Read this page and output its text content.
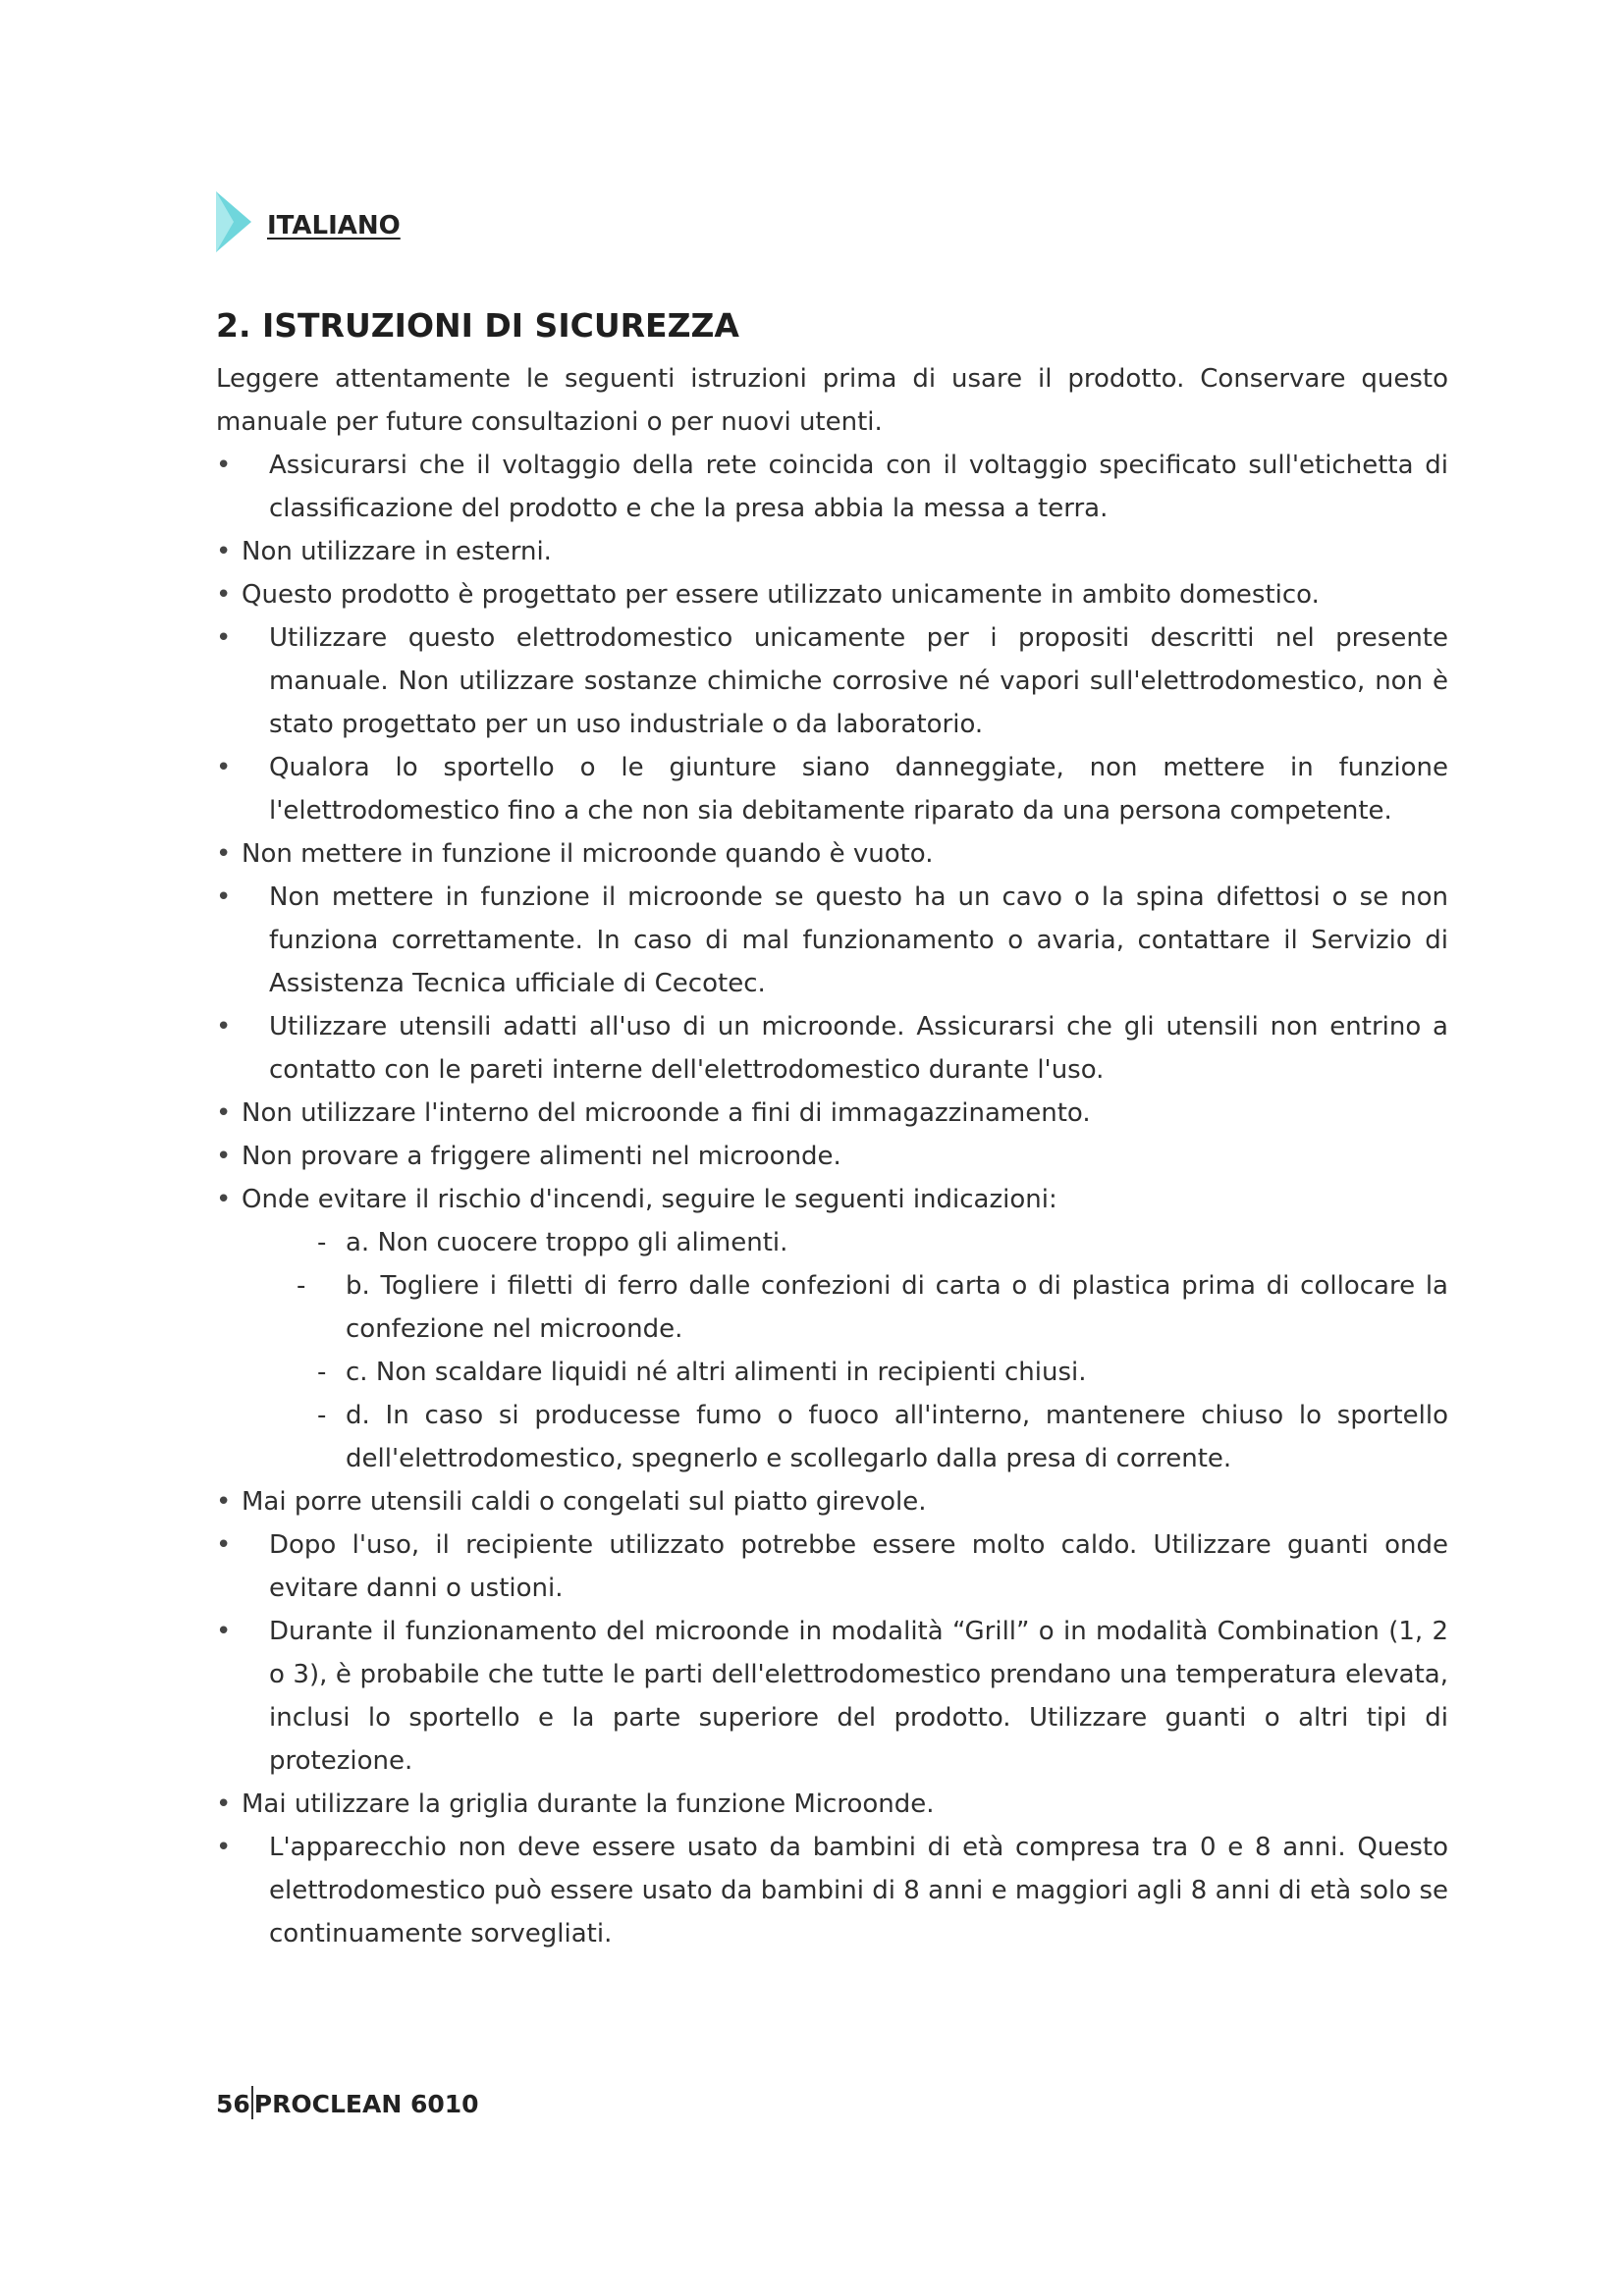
ITALIANO
2. ISTRUZIONI DI SICUREZZA

Leggere attentamente le seguenti istruzioni prima di usare il prodotto. Conservare questo manuale per future consultazioni o per nuovi utenti.

• Assicurarsi che il voltaggio della rete coincida con il voltaggio specificato sull'etichetta di classificazione del prodotto e che la presa abbia la messa a terra.
• Non utilizzare in esterni.
• Questo prodotto è progettato per essere utilizzato unicamente in ambito domestico.
• Utilizzare questo elettrodomestico unicamente per i propositi descritti nel presente manuale. Non utilizzare sostanze chimiche corrosive né vapori sull'elettrodomestico, non è stato progettato per un uso industriale o da laboratorio.
• Qualora lo sportello o le giunture siano danneggiate, non mettere in funzione l'elettrodomestico fino a che non sia debitamente riparato da una persona competente.
• Non mettere in funzione il microonde quando è vuoto.
• Non mettere in funzione il microonde se questo ha un cavo o la spina difettosi o se non funziona correttamente. In caso di mal funzionamento o avaria, contattare il Servizio di Assistenza Tecnica ufficiale di Cecotec.
• Utilizzare utensili adatti all'uso di un microonde. Assicurarsi che gli utensili non entrino a contatto con le pareti interne dell'elettrodomestico durante l'uso.
• Non utilizzare l'interno del microonde a fini di immagazzinamento.
• Non provare a friggere alimenti nel microonde.
• Onde evitare il rischio d'incendi, seguire le seguenti indicazioni:
- a. Non cuocere troppo gli alimenti.
- b. Togliere i filetti di ferro dalle confezioni di carta o di plastica prima di collocare la confezione nel microonde.
- c. Non scaldare liquidi né altri alimenti in recipienti chiusi.
- d. In caso si producesse fumo o fuoco all'interno, mantenere chiuso lo sportello dell'elettrodomestico, spegnerlo e scollegarlo dalla presa di corrente.
• Mai porre utensili caldi o congelati sul piatto girevole.
• Dopo l'uso, il recipiente utilizzato potrebbe essere molto caldo. Utilizzare guanti onde evitare danni o ustioni.
• Durante il funzionamento del microonde in modalità “Grill” o in modalità Combination (1, 2 o 3), è probabile che tutte le parti dell'elettrodomestico prendano una temperatura elevata, inclusi lo sportello e la parte superiore del prodotto. Utilizzare guanti o altri tipi di protezione.
• Mai utilizzare la griglia durante la funzione Microonde.
• L'apparecchio non deve essere usato da bambini di età compresa tra 0 e 8 anni. Questo elettrodomestico può essere usato da bambini di 8 anni e maggiori agli 8 anni di età solo se continuamente sorvegliati.
56 PROCLEAN 6010
